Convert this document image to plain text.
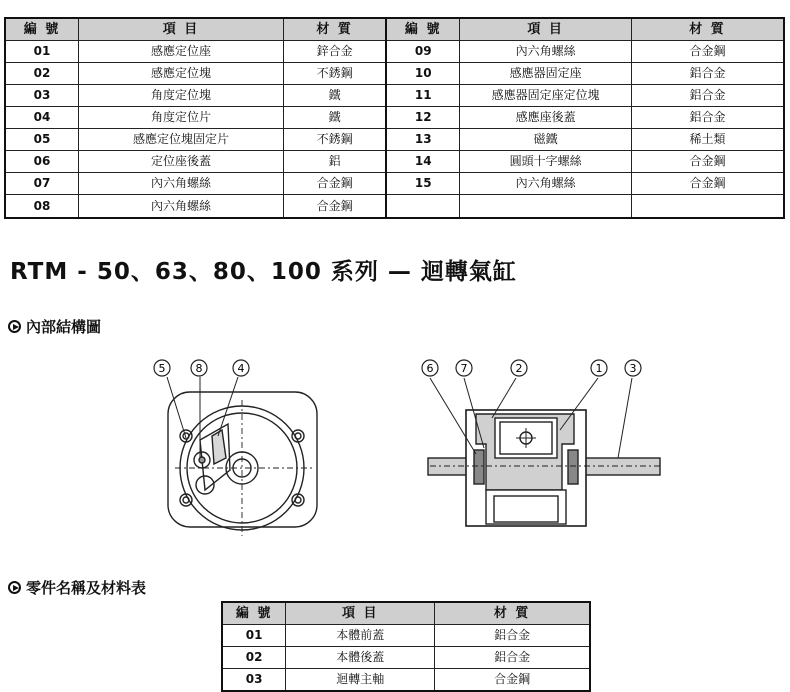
編 號	項 目	材 質	編 號	項 目	材 質
01	感應定位座	鋅合金	09	內六角螺絲	合金鋼
02	感應定位塊	不銹鋼	10	感應器固定座	鋁合金
03	角度定位塊	鐵	11	感應器固定座定位塊	鋁合金
04	角度定位片	鐵	12	感應座後蓋	鋁合金
05	感應定位塊固定片	不銹鋼	13	磁鐵	稀土類
06	定位座後蓋	鋁	14	圓頭十字螺絲	合金鋼
07	內六角螺絲	合金鋼	15	內六角螺絲	合金鋼
08	內六角螺絲	合金鋼			
RTM - 50、63、80、100 系列 — 迴轉氣缸
內部結構圖
5	8	4	6 7	2	1 3
零件名稱及材料表
編 號	項 目	材 質
01	本體前蓋	鋁合金
02	本體後蓋	鋁合金
03	迴轉主軸	合金鋼
